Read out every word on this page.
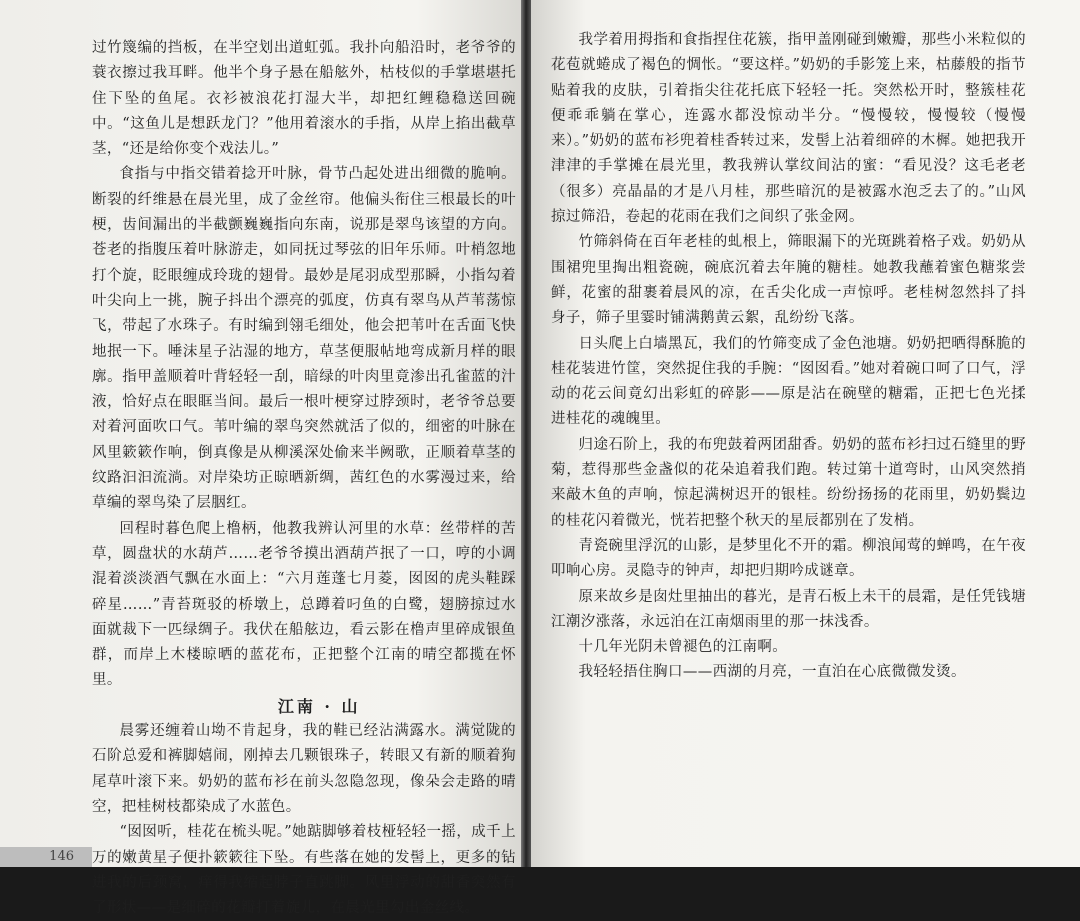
过竹篾编的挡板，在半空划出道虹弧。我扑向船沿时，老爷爷的蓑衣擦过我耳畔。他半个身子悬在船舷外，枯枝似的手掌堪堪托住下坠的鱼尾。衣衫被浪花打湿大半，却把红鲤稳稳送回碗中。“这鱼儿是想跃龙门？”他用着滚水的手指，从岸上掐出截草茎，“还是给你变个戏法儿。”

食指与中指交错着捻开叶脉，骨节凸起处进出细微的脆响。断裂的纤维悬在晨光里，成了金丝帘。他偏头衔住三根最长的叶梗，齿间漏出的半截颤巍巍指向东南，说那是翠鸟该望的方向。苍老的指腹压着叶脉游走，如同抚过琴弦的旧年乐师。叶梢忽地打个旋，眨眼缠成玲珑的翅骨。最妙是尾羽成型那瞬，小指勾着叶尖向上一挑，腕子抖出个漂亮的弧度，仿真有翠鸟从芦苇荡惊飞，带起了水珠子。有时编到翎毛细处，他会把苇叶在舌面飞快地抿一下。唾沫星子沾湿的地方，草茎便服帖地弯成新月样的眼廓。指甲盖顺着叶背轻轻一刮，暗绿的叶肉里竟渗出孔雀蓝的汁液，恰好点在眼眶当间。最后一根叶梗穿过脖颈时，老爷爷总要对着河面吹口气。苇叶编的翠鸟突然就活了似的，细密的叶脉在风里簌簌作响，倒真像是从柳溪深处偷来半阙歌，正顺着草茎的纹路汩汩流淌。对岸染坊正晾晒新绸，茜红色的水雾漫过来，给草编的翠鸟染了层胭红。

回程时暮色爬上橹柄，他教我辨认河里的水草：丝带样的苦草，圆盘状的水葫芦……老爷爷摸出酒葫芦抿了一口，哼的小调混着淡淡酒气飘在水面上：“六月莲蓬七月菱，囡囡的虎头鞋踩碎星……”青苔斑驳的桥墩上，总蹲着叼鱼的白鹭，翅膀掠过水面就裁下一匹绿绸子。我伏在船舷边，看云影在橹声里碎成银鱼群，而岸上木楼晾晒的蓝花布，正把整个江南的晴空都揽在怀里。

江南 · 山

晨雾还缠着山坳不肯起身，我的鞋已经沾满露水。满觉陇的石阶总爱和裤脚嬉闹，刚掉去几颗银珠子，转眼又有新的顺着狗尾草叶滚下来。奶奶的蓝布衫在前头忽隐忽现，像朵会走路的晴空，把桂树枝都染成了水蓝色。

“囡囡听，桂花在梳头呢。”她踮脚够着枝桠轻轻一摇，成千上万的嫩黄星子便扑簌簌往下坠。有些落在她的发髻上，更多的钻进我的后颈窝，痒得我缩起脖子直跳脚。风里浮动的甜香突然有了形状——是细碎的花瓣打着旋儿，在晨光里勾出金丝线。

146

我学着用拇指和食指捏住花簇，指甲盖刚碰到嫩瓣，那些小米粒似的花苞就蜷成了褐色的惆怅。“要这样。”奶奶的手影笼上来，枯藤般的指节贴着我的皮肤，引着指尖往花托底下轻轻一托。突然松开时，整簇桂花便乖乖躺在掌心，连露水都没惊动半分。“慢慢较，慢慢较（慢慢来）。”奶奶的蓝布衫兜着桂香转过来，发髻上沾着细碎的木樨。她把我开津津的手掌摊在晨光里，教我辨认掌纹间沾的蜜：“看见没？这毛老老（很多）亮晶晶的才是八月桂，那些暗沉的是被露水泡乏去了的。”山风掠过筛沿，卷起的花雨在我们之间织了张金网。

竹筛斜倚在百年老桂的虬根上，筛眼漏下的光斑跳着格子戏。奶奶从围裙兜里掏出粗瓷碗，碗底沉着去年腌的糖桂。她教我蘸着蜜色糖浆尝鲜，花蜜的甜裹着晨风的凉，在舌尖化成一声惊呼。老桂树忽然抖了抖身子，筛子里霎时铺满鹅黄云絮，乱纷纷飞落。

日头爬上白墙黑瓦，我们的竹筛变成了金色池塘。奶奶把晒得酥脆的桂花装进竹筐，突然捉住我的手腕：“囡囡看。”她对着碗口呵了口气，浮动的花云间竟幻出彩虹的碎影——原是沾在碗壁的糖霜，正把七色光揉进桂花的魂魄里。

归途石阶上，我的布兜鼓着两团甜香。奶奶的蓝布衫扫过石缝里的野菊，惹得那些金盏似的花朵追着我们跑。转过第十道弯时，山风突然捎来敲木鱼的声响，惊起满树迟开的银桂。纷纷扬扬的花雨里，奶奶鬓边的桂花闪着微光，恍若把整个秋天的星辰都别在了发梢。

青瓷碗里浮沉的山影，是梦里化不开的霜。柳浪闻莺的蝉鸣，在午夜叩响心房。灵隐寺的钟声，却把归期吟成谜章。

原来故乡是囱灶里抽出的暮光，是青石板上未干的晨霜，是任凭钱塘江潮汐涨落，永远泊在江南烟雨里的那一抹浅香。

十几年光阴未曾褪色的江南啊。

我轻轻捂住胸口——西湖的月亮，一直泊在心底微微发烫。
